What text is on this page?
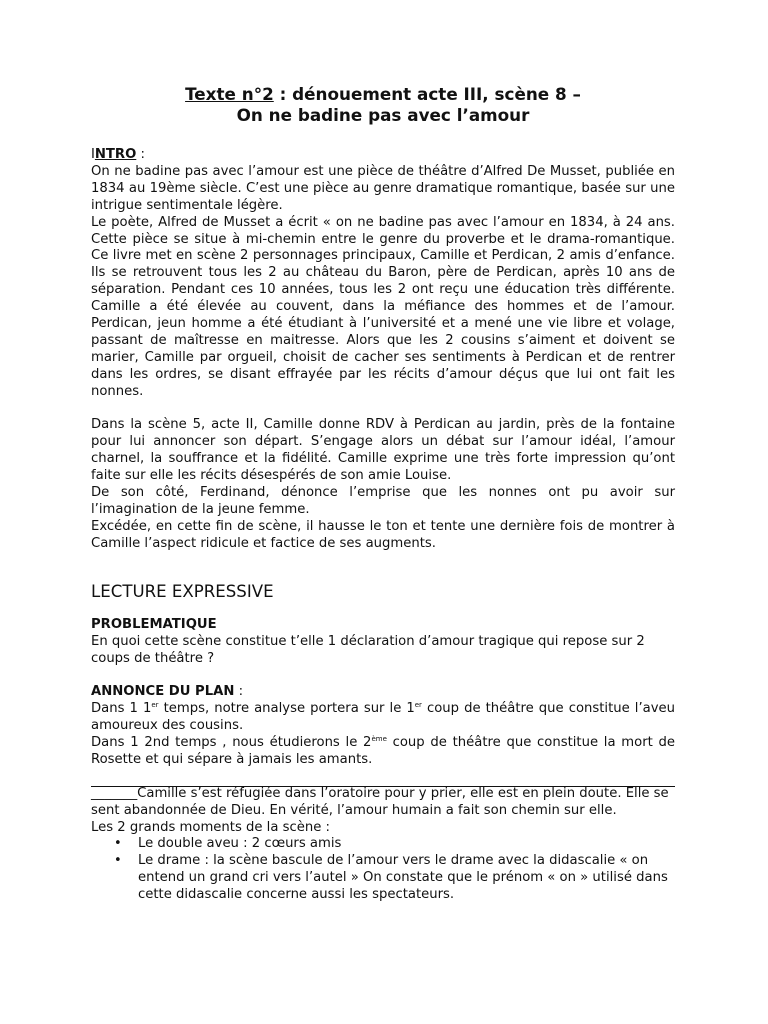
Texte n°2 : dénouement acte III, scène 8 –
On ne badine pas avec l’amour

INTRO :

On ne badine pas avec l’amour est une pièce de théâtre d’Alfred De Musset, publiée en 1834 au 19ème siècle. C’est une pièce au genre dramatique romantique, basée sur une intrigue sentimentale légère.

Le poète, Alfred de Musset a écrit « on ne badine pas avec l’amour en 1834, à 24 ans. Cette pièce se situe à mi-chemin entre le genre du proverbe et le drama-romantique. Ce livre met en scène 2 personnages principaux, Camille et Perdican, 2 amis d’enfance. Ils se retrouvent tous les 2 au château du Baron, père de Perdican, après 10 ans de séparation. Pendant ces 10 années, tous les 2 ont reçu une éducation très différente. Camille a été élevée au couvent, dans la méfiance des hommes et de l’amour. Perdican, jeun homme a été étudiant à l’université et a mené une vie libre et volage, passant de maîtresse en maitresse. Alors que les 2 cousins s’aiment et doivent se marier, Camille par orgueil, choisit de cacher ses sentiments à Perdican et de rentrer dans les ordres, se disant effrayée par les récits d’amour déçus que lui ont fait les nonnes.

Dans la scène 5, acte II, Camille donne RDV à Perdican au jardin, près de la fontaine pour lui annoncer son départ. S’engage alors un débat sur l’amour idéal, l’amour charnel, la souffrance et la fidélité. Camille exprime une très forte impression qu’ont faite sur elle les récits désespérés de son amie Louise.

De son côté, Ferdinand, dénonce l’emprise que les nonnes ont pu avoir sur l’imagination de la jeune femme.

Excédée, en cette fin de scène, il hausse le ton et tente une dernière fois de montrer à Camille l’aspect ridicule et factice de ses augments.

LECTURE EXPRESSIVE

PROBLEMATIQUE

En quoi cette scène constitue t’elle 1 déclaration d’amour tragique qui repose sur 2 coups de théâtre ?

ANNONCE DU PLAN :

Dans 1 1er temps, notre analyse portera sur le 1er coup de théâtre que constitue l’aveu amoureux des cousins.

Dans 1 2nd temps , nous étudierons le 2ème coup de théâtre que constitue la mort de Rosette et qui sépare à jamais les amants.

_______Camille s’est réfugiée dans l’oratoire pour y prier, elle est en plein doute. Elle se sent abandonnée de Dieu. En vérité, l’amour humain a fait son chemin sur elle.

Les 2 grands moments de la scène :

• Le double aveu : 2 cœurs amis
• Le drame : la scène bascule de l’amour vers le drame avec la didascalie « on entend un grand cri vers l’autel » On constate que le prénom « on » utilisé dans cette didascalie concerne aussi les spectateurs.
